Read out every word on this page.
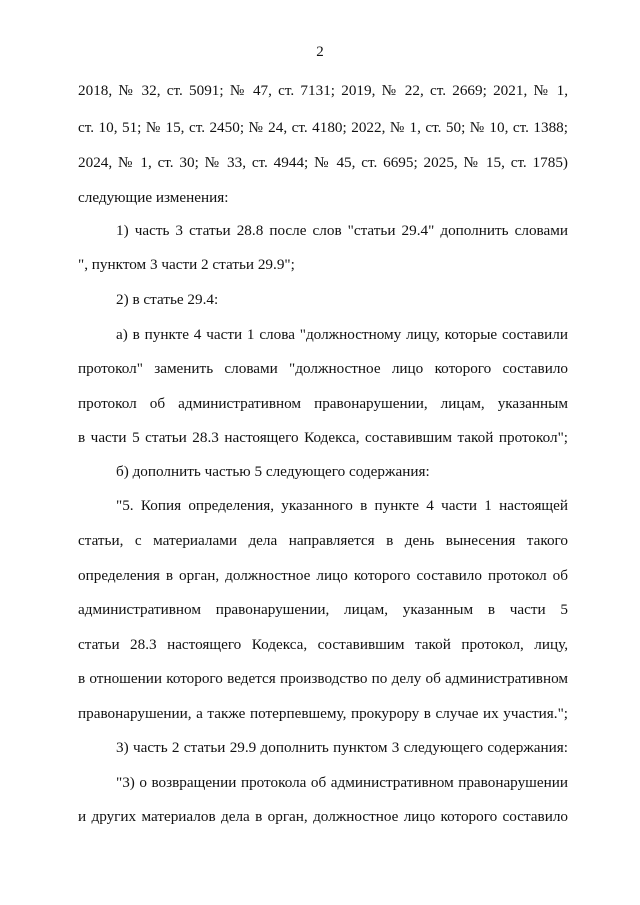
2
2018, № 32, ст. 5091; № 47, ст. 7131; 2019, № 22, ст. 2669; 2021, № 1,
ст. 10, 51; № 15, ст. 2450; № 24, ст. 4180; 2022, № 1, ст. 50; № 10, ст. 1388;
2024, № 1, ст. 30; № 33, ст. 4944; № 45, ст. 6695; 2025, № 15, ст. 1785)
следующие изменения:
1) часть 3 статьи 28.8 после слов "статьи 29.4" дополнить словами
", пунктом 3 части 2 статьи 29.9";
2) в статье 29.4:
а) в пункте 4 части 1 слова "должностному лицу, которые составили
протокол" заменить словами "должностное лицо которого составило
протокол об административном правонарушении, лицам, указанным
в части 5 статьи 28.3 настоящего Кодекса, составившим такой протокол";
б) дополнить частью 5 следующего содержания:
"5. Копия определения, указанного в пункте 4 части 1 настоящей
статьи, с материалами дела направляется в день вынесения такого
определения в орган, должностное лицо которого составило протокол об
административном правонарушении, лицам, указанным в части 5
статьи 28.3 настоящего Кодекса, составившим такой протокол, лицу,
в отношении которого ведется производство по делу об административном
правонарушении, а также потерпевшему, прокурору в случае их участия.";
3) часть 2 статьи 29.9 дополнить пунктом 3 следующего содержания:
"3) о возвращении протокола об административном правонарушении
и других материалов дела в орган, должностное лицо которого составило
